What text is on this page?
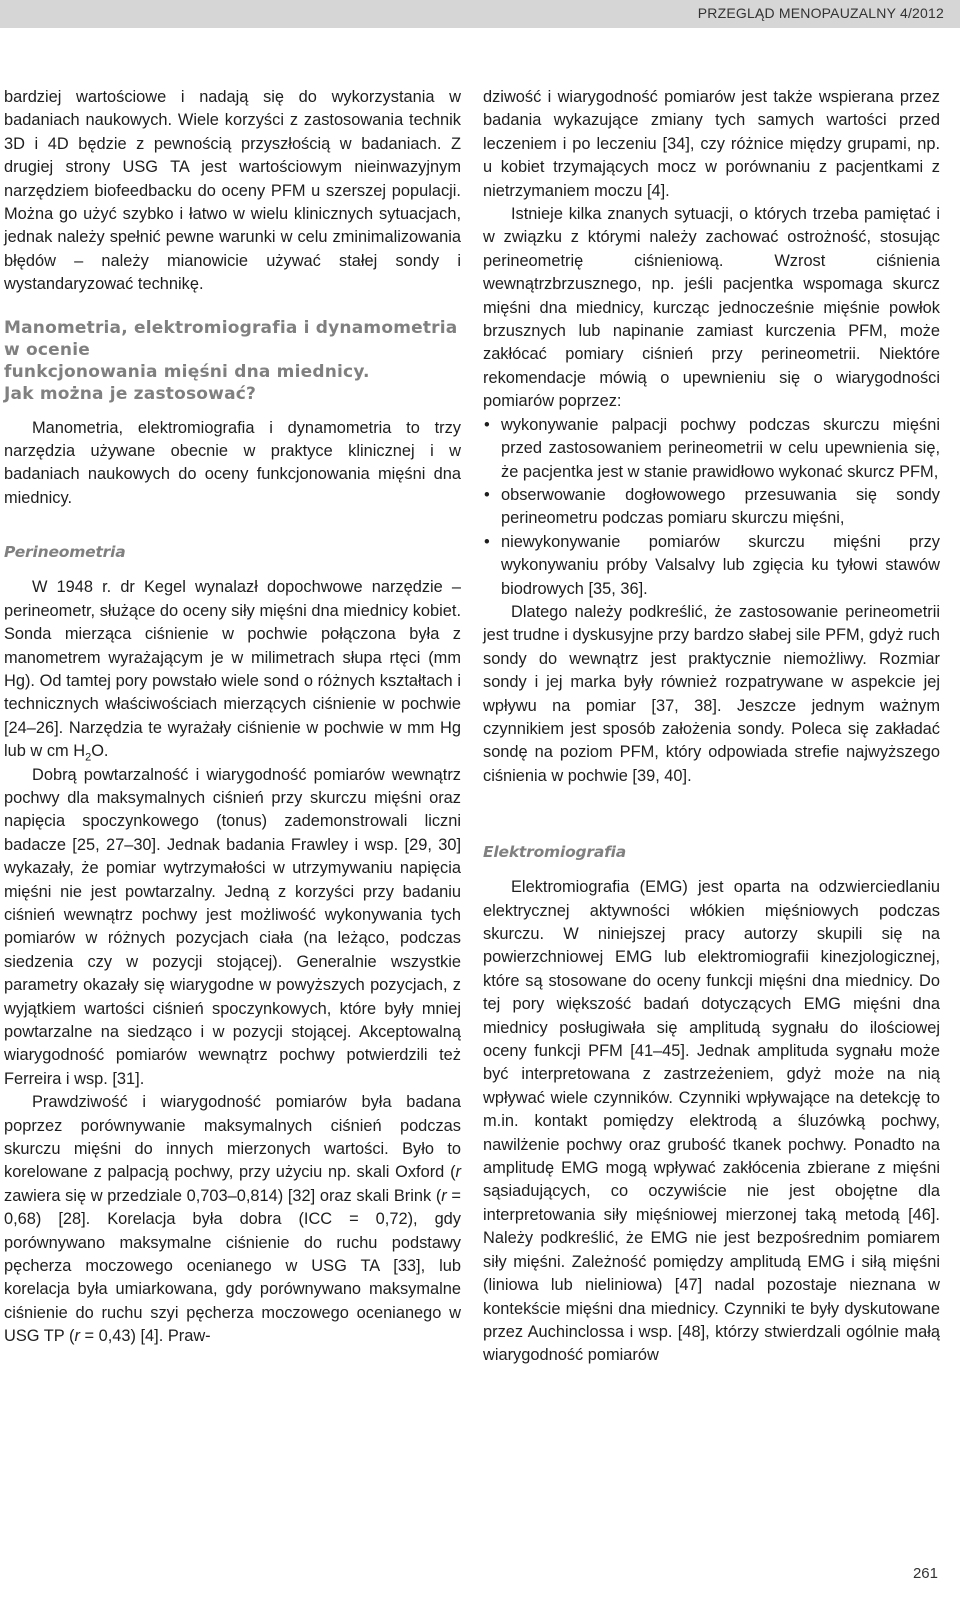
PRZEGLĄD MENOPAUZALNY 4/2012

bardziej wartościowe i nadają się do wykorzystania w badaniach naukowych. Wiele korzyści z zastosowania technik 3D i 4D będzie z pewnością przyszłością w badaniach. Z drugiej strony USG TA jest wartościowym nieinwazyjnym narzędziem biofeedbacku do oceny PFM u szerszej populacji. Można go użyć szybko i łatwo w wielu klinicznych sytuacjach, jednak należy spełnić pewne warunki w celu zminimalizowania błędów – należy mianowicie używać stałej sondy i wystandaryzować technikę.

Manometria, elektromiografia i dynamometria w ocenie
funkcjonowania mięśni dna miednicy.
Jak można je zastosować?

Manometria, elektromiografia i dynamometria to trzy narzędzia używane obecnie w praktyce klinicznej i w badaniach naukowych do oceny funkcjonowania mięśni dna miednicy.

Perineometria

W 1948 r. dr Kegel wynalazł dopochwowe narzędzie – perineometr, służące do oceny siły mięśni dna miednicy kobiet. Sonda mierząca ciśnienie w pochwie połączona była z manometrem wyrażającym je w milimetrach słupa rtęci (mm Hg). Od tamtej pory powstało wiele sond o różnych kształtach i technicznych właściwościach mierzących ciśnienie w pochwie [24–26]. Narzędzia te wyrażały ciśnienie w pochwie w mm Hg lub w cm $H_2O$.

Dobrą powtarzalność i wiarygodność pomiarów wewnątrz pochwy dla maksymalnych ciśnień przy skurczu mięśni oraz napięcia spoczynkowego (tonus) zademonstrowali liczni badacze [25, 27–30]. Jednak badania Frawley i wsp. [29, 30] wykazały, że pomiar wytrzymałości w utrzymywaniu napięcia mięśni nie jest powtarzalny. Jedną z korzyści przy badaniu ciśnień wewnątrz pochwy jest możliwość wykonywania tych pomiarów w różnych pozycjach ciała (na leżąco, podczas siedzenia czy w pozycji stojącej). Generalnie wszystkie parametry okazały się wiarygodne w powyższych pozycjach, z wyjątkiem wartości ciśnień spoczynkowych, które były mniej powtarzalne na siedząco i w pozycji stojącej. Akceptowalną wiarygodność pomiarów wewnątrz pochwy potwierdzili też Ferreira i wsp. [31].

Prawdziwość i wiarygodność pomiarów była badana poprzez porównywanie maksymalnych ciśnień podczas skurczu mięśni do innych mierzonych wartości. Było to korelowane z palpacją pochwy, przy użyciu np. skali Oxford (r zawiera się w przedziale 0,703–0,814) [32] oraz skali Brink (r = 0,68) [28]. Korelacja była dobra (ICC = 0,72), gdy porównywano maksymalne ciśnienie do ruchu podstawy pęcherza moczowego ocenianego w USG TA [33], lub korelacja była umiarkowana, gdy porównywano maksymalne ciśnienie do ruchu szyi pęcherza moczowego ocenianego w USG TP (r = 0,43) [4]. Praw-

dziwość i wiarygodność pomiarów jest także wspierana przez badania wykazujące zmiany tych samych wartości przed leczeniem i po leczeniu [34], czy różnice między grupami, np. u kobiet trzymających mocz w porównaniu z pacjentkami z nietrzymaniem moczu [4].

Istnieje kilka znanych sytuacji, o których trzeba pamiętać i w związku z którymi należy zachować ostrożność, stosując perineometrię ciśnieniową. Wzrost ciśnienia wewnątrzbrzusznego, np. jeśli pacjentka wspomaga skurcz mięśni dna miednicy, kurcząc jednocześnie mięśnie powłok brzusznych lub napinanie zamiast kurczenia PFM, może zakłócać pomiary ciśnień przy perineometrii. Niektóre rekomendacje mówią o upewnieniu się o wiarygodności pomiarów poprzez:

• wykonywanie palpacji pochwy podczas skurczu mięśni przed zastosowaniem perineometrii w celu upewnienia się, że pacjentka jest w stanie prawidłowo wykonać skurcz PFM,
• obserwowanie dogłowowego przesuwania się sondy perineometru podczas pomiaru skurczu mięśni,
• niewykonywanie pomiarów skurczu mięśni przy wykonywaniu próby Valsalvy lub zgięcia ku tyłowi stawów biodrowych [35, 36].

Dlatego należy podkreślić, że zastosowanie perineometrii jest trudne i dyskusyjne przy bardzo słabej sile PFM, gdyż ruch sondy do wewnątrz jest praktycznie niemożliwy. Rozmiar sondy i jej marka były również rozpatrywane w aspekcie jej wpływu na pomiar [37, 38]. Jeszcze jednym ważnym czynnikiem jest sposób założenia sondy. Poleca się zakładać sondę na poziom PFM, który odpowiada strefie najwyższego ciśnienia w pochwie [39, 40].

Elektromiografia

Elektromiografia (EMG) jest oparta na odzwierciedlaniu elektrycznej aktywności włókien mięśniowych podczas skurczu. W niniejszej pracy autorzy skupili się na powierzchniowej EMG lub elektromiografii kinezjologicznej, które są stosowane do oceny funkcji mięśni dna miednicy. Do tej pory większość badań dotyczących EMG mięśni dna miednicy posługiwała się amplitudą sygnału do ilościowej oceny funkcji PFM [41–45]. Jednak amplituda sygnału może być interpretowana z zastrzeżeniem, gdyż może na nią wpływać wiele czynników. Czynniki wpływające na detekcję to m.in. kontakt pomiędzy elektrodą a śluzówką pochwy, nawilżenie pochwy oraz grubość tkanek pochwy. Ponadto na amplitudę EMG mogą wpływać zakłócenia zbierane z mięśni sąsiadujących, co oczywiście nie jest obojętne dla interpretowania siły mięśniowej mierzonej taką metodą [46]. Należy podkreślić, że EMG nie jest bezpośrednim pomiarem siły mięśni. Zależność pomiędzy amplitudą EMG i siłą mięśni (liniowa lub nieliniowa) [47] nadal pozostaje nieznana w kontekście mięśni dna miednicy. Czynniki te były dyskutowane przez Auchinclossa i wsp. [48], którzy stwierdzali ogólnie małą wiarygodność pomiarów

261
